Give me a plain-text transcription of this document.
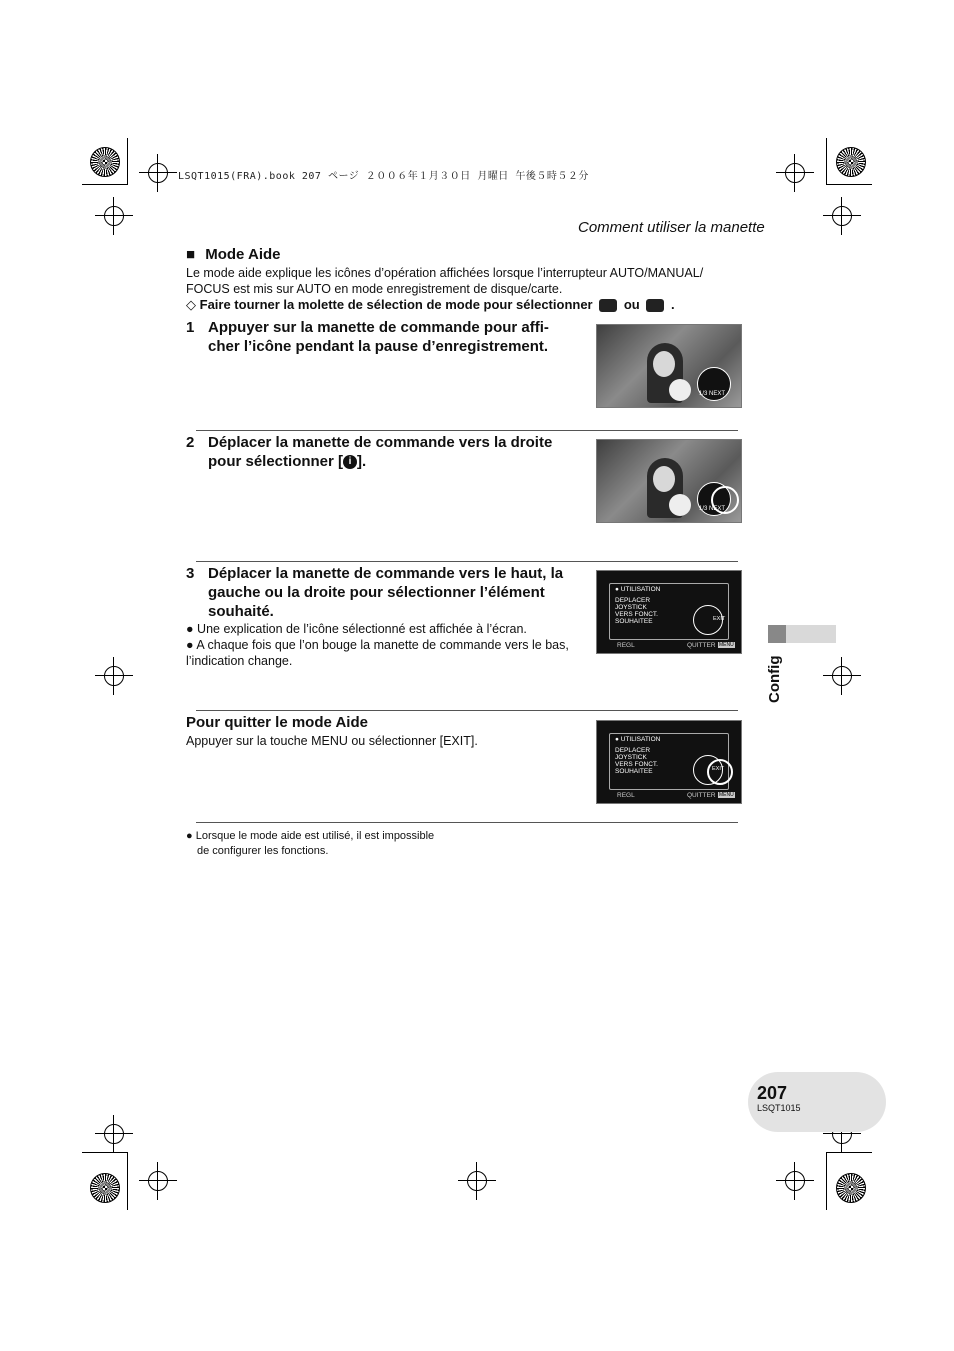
LSQT1015(FRA).book 207 ページ ２００６年１月３０日 月曜日 午後５時５２分
Comment utiliser la manette
■ Mode Aide
Le mode aide explique les icônes d’opération affichées lorsque l’interrupteur AUTO/MANUAL/ FOCUS est mis sur AUTO en mode enregistrement de disque/carte.
◇ Faire tourner la molette de sélection de mode pour sélectionner ou .
1 Appuyer sur la manette de commande pour affi- cher l’icône pendant la pause d’enregistrement.
1/3 NEXT
2 Déplacer la manette de commande vers la droite pour sélectionner [ i ].
1/3 NEXT
3 Déplacer la manette de commande vers le haut, la gauche ou la droite pour sélectionner l’élément souhaité.
● Une explication de l’icône sélectionné est affichée à l’écran.
● A chaque fois que l’on bouge la manette de commande vers le bas, l’indication change.
● UTILISATION
DEPLACER
JOYSTICK
VERS FONCT.
SOUHAITEE	EXIT
REGL	QUITTER MENU
Config
Pour quitter le mode Aide
Appuyer sur la touche MENU ou sélectionner [EXIT].	● UTILISATION
DEPLACER
JOYSTICK
VERS FONCT.
SOUHAITEE	EXIT
REGL	QUITTER MENU
● Lorsque le mode aide est utilisé, il est impossible
de configurer les fonctions.
207
LSQT1015
